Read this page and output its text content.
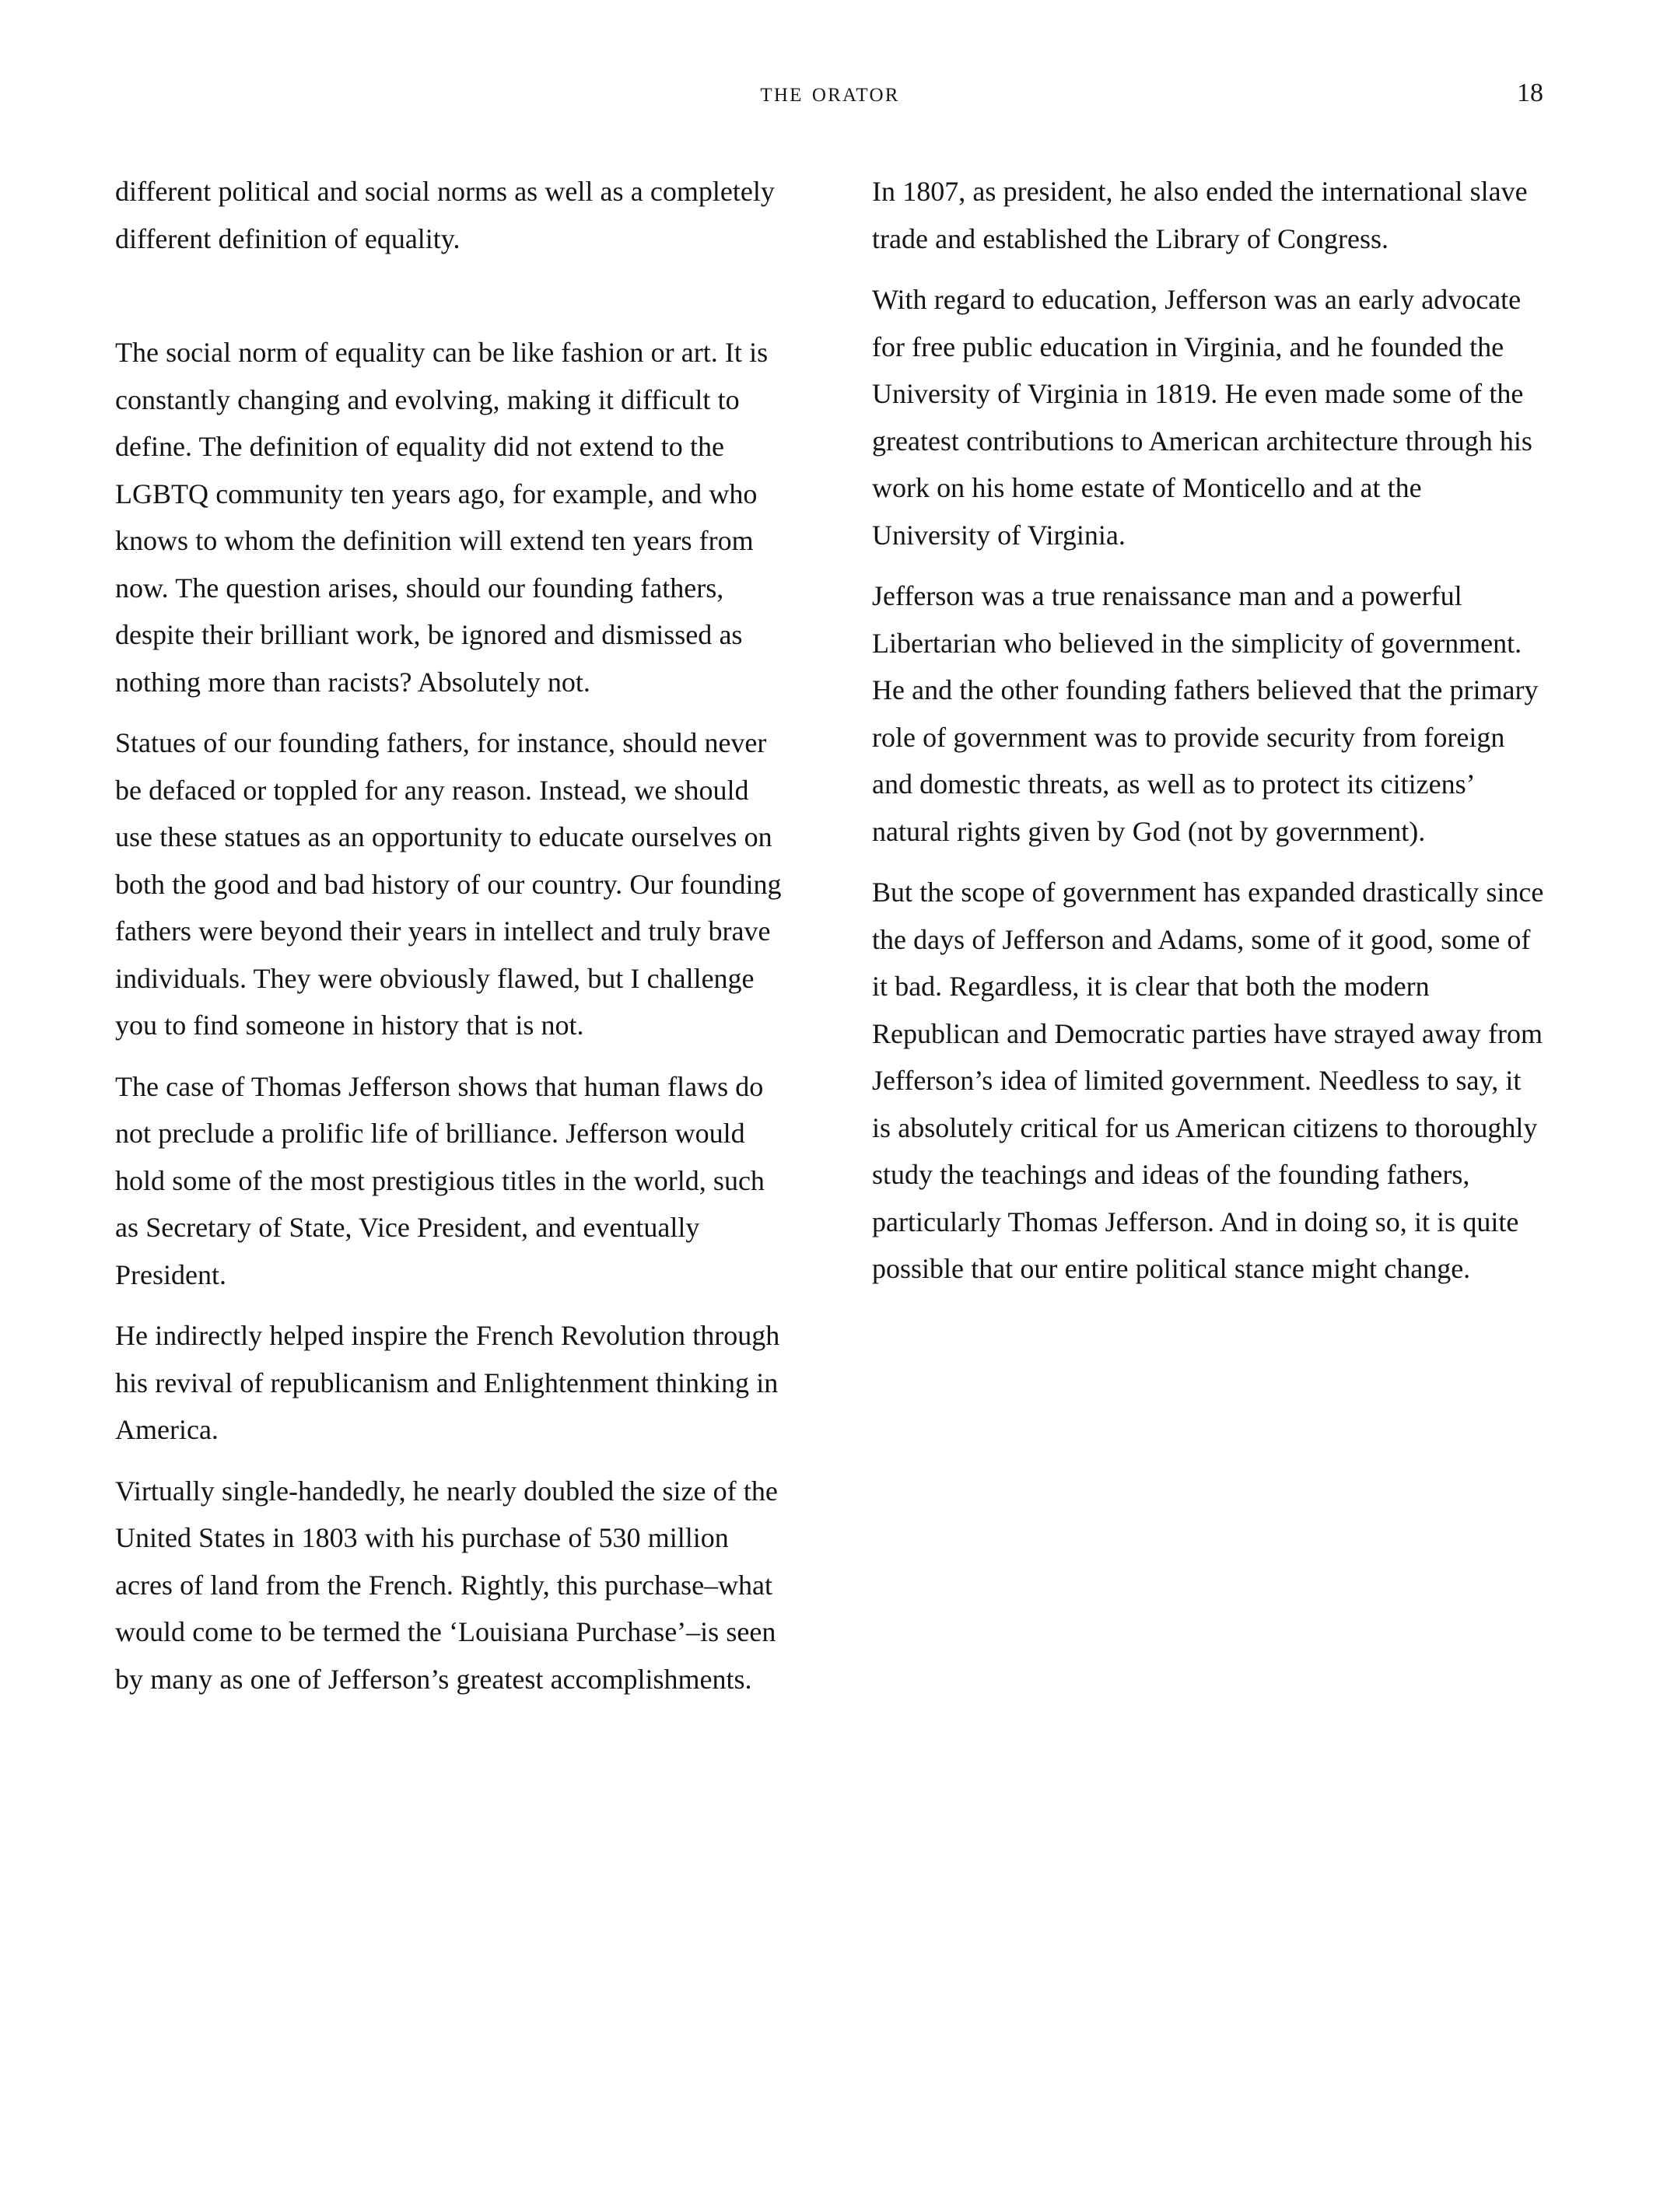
the orator	18

different political and social norms as well as a completely different definition of equality.

The social norm of equality can be like fashion or art. It is constantly changing and evolving, making it difficult to define. The definition of equality did not extend to the LGBTQ community ten years ago, for example, and who knows to whom the definition will extend ten years from now. The question arises, should our founding fathers, despite their brilliant work, be ignored and dismissed as nothing more than racists? Absolutely not.

Statues of our founding fathers, for instance, should never be defaced or toppled for any reason. Instead, we should use these statues as an opportunity to educate ourselves on both the good and bad history of our country. Our founding fathers were beyond their years in intellect and truly brave individuals. They were obviously flawed, but I challenge you to find someone in history that is not.

The case of Thomas Jefferson shows that human flaws do not preclude a prolific life of brilliance. Jefferson would hold some of the most prestigious titles in the world, such as Secretary of State, Vice President, and eventually President.

He indirectly helped inspire the French Revolution through his revival of republicanism and Enlightenment thinking in America.

Virtually single-handedly, he nearly doubled the size of the United States in 1803 with his purchase of 530 million acres of land from the French. Rightly, this purchase–what would come to be termed the ‘Louisiana Purchase’–is seen by many as one of Jefferson’s greatest accomplishments.

In 1807, as president, he also ended the international slave trade and established the Library of Congress.

With regard to education, Jefferson was an early advocate for free public education in Virginia, and he founded the University of Virginia in 1819. He even made some of the greatest contributions to American architecture through his work on his home estate of Monticello and at the University of Virginia.

Jefferson was a true renaissance man and a powerful Libertarian who believed in the simplicity of government. He and the other founding fathers believed that the primary role of government was to provide security from foreign and domestic threats, as well as to protect its citizens’ natural rights given by God (not by government).

But the scope of government has expanded drastically since the days of Jefferson and Adams, some of it good, some of it bad. Regardless, it is clear that both the modern Republican and Democratic parties have strayed away from Jefferson’s idea of limited government. Needless to say, it is absolutely critical for us American citizens to thoroughly study the teachings and ideas of the founding fathers, particularly Thomas Jefferson. And in doing so, it is quite possible that our entire political stance might change.
